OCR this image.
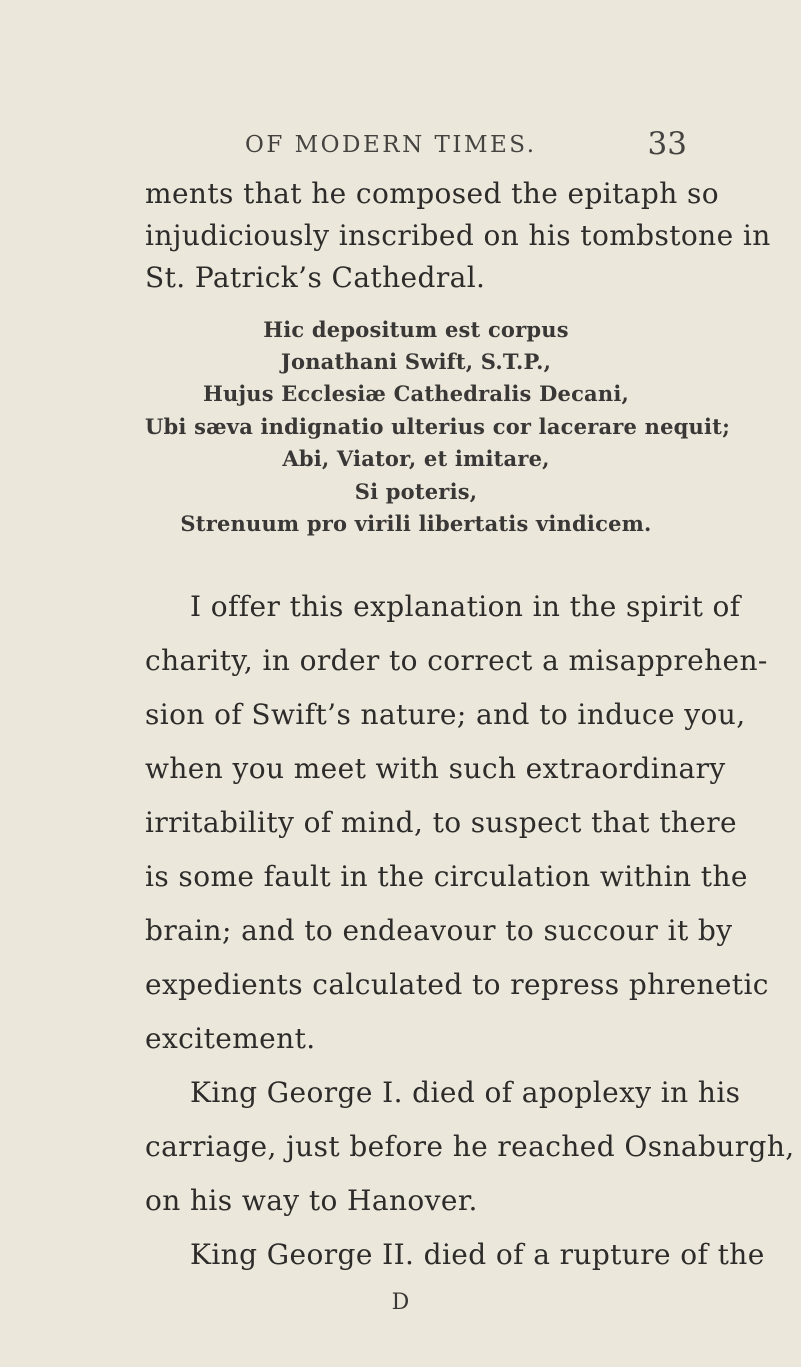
OF MODERN TIMES.	33
ments that he composed the epitaph so
injudiciously inscribed on his tombstone in
St. Patrick’s Cathedral.
Hic depositum est corpus
Jonathani Swift, S.T.P.,
Hujus Ecclesiæ Cathedralis Decani,
Ubi sæva indignatio ulterius cor lacerare nequit;
Abi, Viator, et imitare,
Si poteris,
Strenuum pro virili libertatis vindicem.
I offer this explanation in the spirit of
charity, in order to correct a misapprehen-
sion of Swift’s nature; and to induce you,
when you meet with such extraordinary
irritability of mind, to suspect that there
is some fault in the circulation within the
brain; and to endeavour to succour it by
expedients calculated to repress phrenetic
excitement.
King George I. died of apoplexy in his
carriage, just before he reached Osnaburgh,
on his way to Hanover.
King George II. died of a rupture of the
D
